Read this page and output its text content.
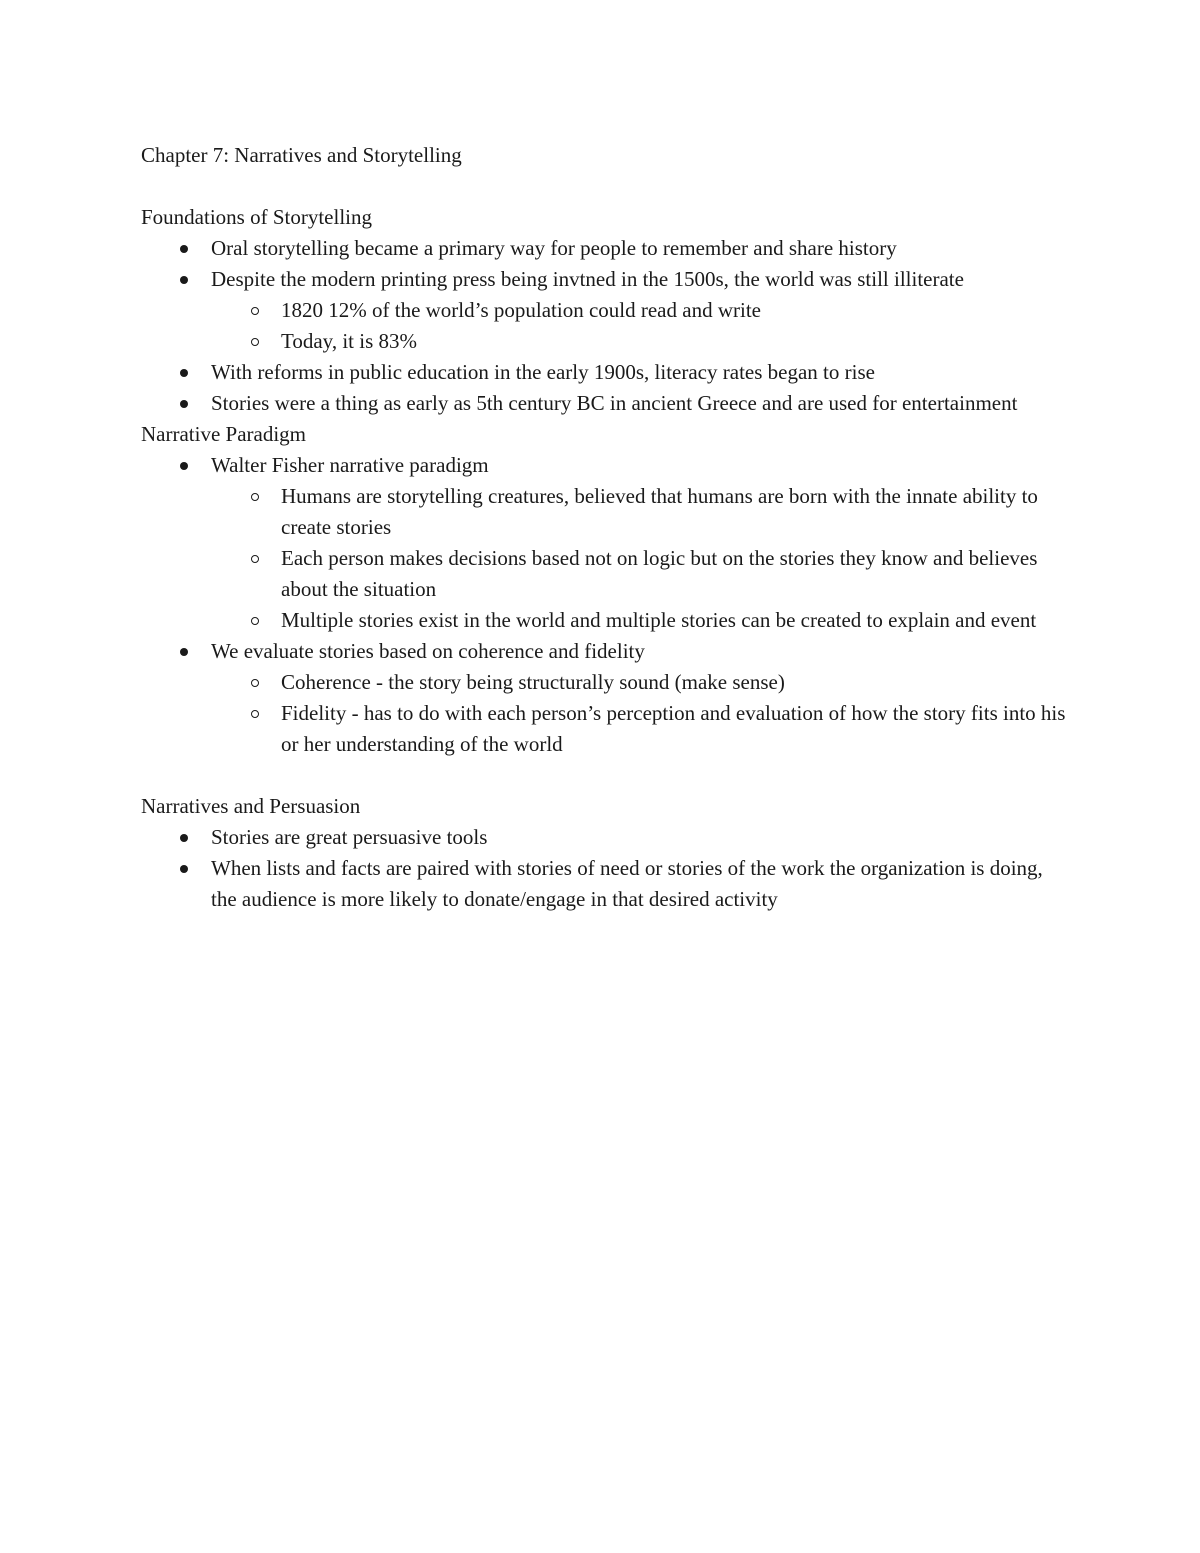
Chapter 7: Narratives and Storytelling
Foundations of Storytelling
Oral storytelling became a primary way for people to remember and share history
Despite the modern printing press being invtned in the 1500s, the world was still illiterate
1820 12% of the world’s population could read and write
Today, it is 83%
With reforms in public education in the early 1900s, literacy rates began to rise
Stories were a thing as early as 5th century BC in ancient Greece and are used for entertainment
Narrative Paradigm
Walter Fisher narrative paradigm
Humans are storytelling creatures, believed that humans are born with the innate ability to create stories
Each person makes decisions based not on logic but on the stories they know and believes about the situation
Multiple stories exist in the world and multiple stories can be created to explain and event
We evaluate stories based on coherence and fidelity
Coherence - the story being structurally sound (make sense)
Fidelity - has to do with each person’s perception and evaluation of how the story fits into his or her understanding of the world
Narratives and Persuasion
Stories are great persuasive tools
When lists and facts are paired with stories of need or stories of the work the organization is doing, the audience is more likely to donate/engage in that desired activity
